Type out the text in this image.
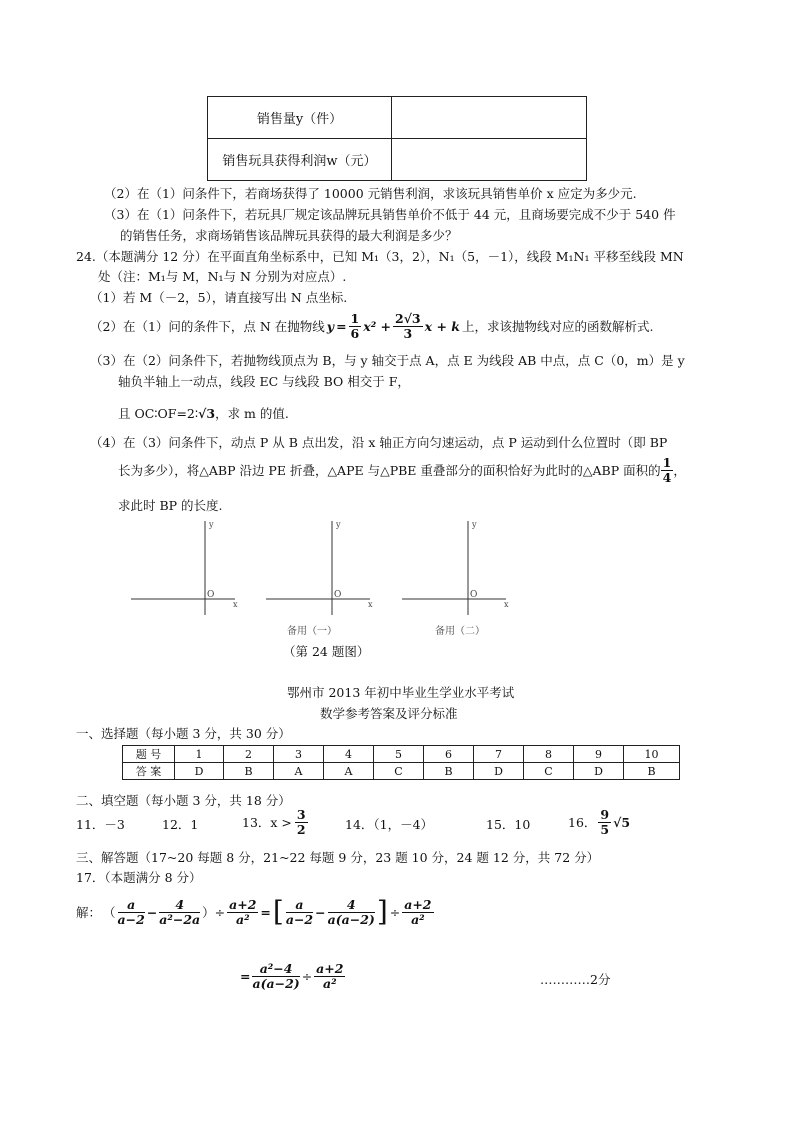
销售量y（件）	
销售玩具获得利润w（元）	
（2）在（1）问条件下，若商场获得了 10000 元销售利润，求该玩具销售单价 x 应定为多少元.
（3）在（1）问条件下，若玩具厂规定该品牌玩具销售单价不低于 44 元，且商场要完成不少于 540 件
的销售任务，求商场销售该品牌玩具获得的最大利润是多少？
24.（本题满分 12 分）在平面直角坐标系中，已知 M₁（3，2），N₁（5，－1），线段 M₁N₁ 平移至线段 MN
处（注：M₁与 M，N₁与 N 分别为对应点）.
（1）若 M（－2，5），请直接写出 N 点坐标.
（2）在（1）问的条件下，点 N 在抛物线 $y = \frac{1}{6} x^2 + \frac{2√3}{3}$ x + k 上，求该抛物线对应的函数解析式.
（3）在（2）问条件下，若抛物线顶点为 B，与 y 轴交于点 A，点 E 为线段 AB 中点，点 C（0，m）是 y
轴负半轴上一动点，线段 EC 与线段 BO 相交于 F，
且 OC∶OF=2∶√3，求 m 的值.
（4）在（3）问条件下，动点 P 从 B 点出发，沿 x 轴正方向匀速运动，点 P 运动到什么位置时（即 BP
长为多少），将△ABP 沿边 PE 折叠，△APE 与△PBE 重叠部分的面积恰好为此时的△ABP 面积的 $\frac{1}{4}$ ，
求此时 BP 的长度.
y
x
O
y
x
O
y
x
O
备用（一）	备用（二）
（第 24 题图）
鄂州市 2013 年初中毕业生学业水平考试
数学参考答案及评分标准
一、选择题（每小题 3 分，共 30 分）
题 号	1	2	3	4	5	6	7	8	9	10
答 案	D	B	A	A	C	B	D	C	D	B
二、填空题（每小题 3 分，共 18 分）
11．－3	12．1	13．$x > \frac{3}{2}$	14．（1，－4）	15．10	16． $\frac{9}{5} √5$
三、解答题（17~20 每题 8 分，21~22 每题 9 分，23 题 10 分，24 题 12 分，共 72 分）
17．（本题满分 8 分）
解： （ $\frac{a}{a-2} - \frac{4}{\text{a²−2a}}$ ）÷ $\frac{a+2}{\text{a²}}$ = [ $\frac{a}{a-2} - \frac{4}{a(a-2)}$ ] ÷ $\frac{a+2}{\text{a²}}$
= $\frac{\text{a²−4}}{a(a-2)} \div \frac{a+2}{\text{a²}}$	…………2分
